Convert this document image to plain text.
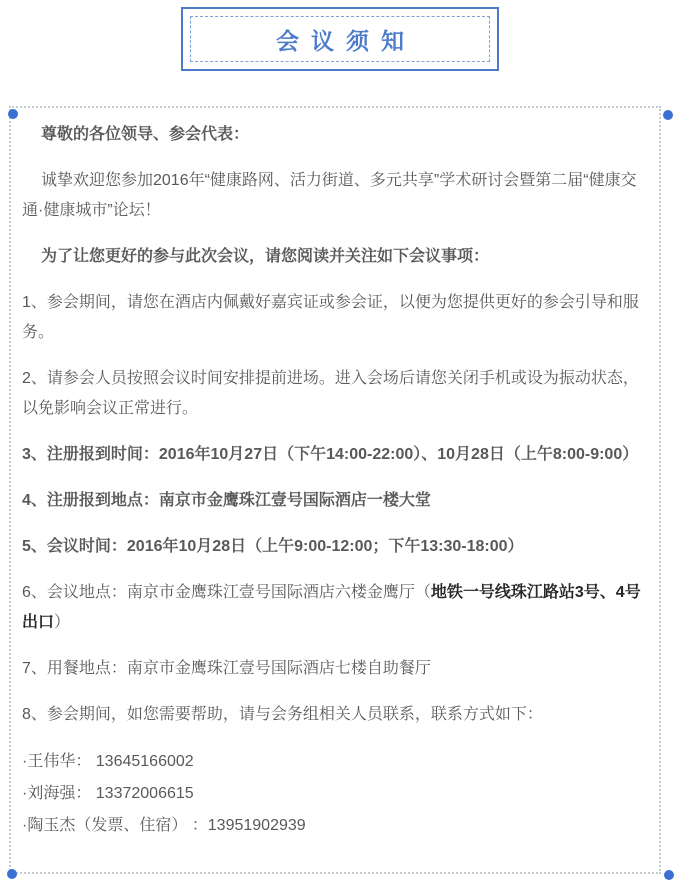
会议须知

尊敬的各位领导、参会代表：

诚挚欢迎您参加2016年“健康路网、活力街道、多元共享”学术研讨会暨第二届“健康交通·健康城市”论坛！

为了让您更好的参与此次会议，请您阅读并关注如下会议事项：

1、参会期间，请您在酒店内佩戴好嘉宾证或参会证，以便为您提供更好的参会引导和服务。

2、请参会人员按照会议时间安排提前进场。进入会场后请您关闭手机或设为振动状态，以免影响会议正常进行。

3、注册报到时间：2016年10月27日（下午14:00-22:00）、10月28日（上午8:00-9:00）

4、注册报到地点：南京市金鹰珠江壹号国际酒店一楼大堂

5、会议时间：2016年10月28日（上午9:00-12:00；下午13:30-18:00）

6、会议地点：南京市金鹰珠江壹号国际酒店六楼金鹰厅（地铁一号线珠江路站3号、4号出口）

7、用餐地点：南京市金鹰珠江壹号国际酒店七楼自助餐厅

8、参会期间，如您需要帮助，请与会务组相关人员联系，联系方式如下：

·王伟华： 13645166002

·刘海强： 13372006615

·陶玉杰（发票、住宿） ：13951902939
